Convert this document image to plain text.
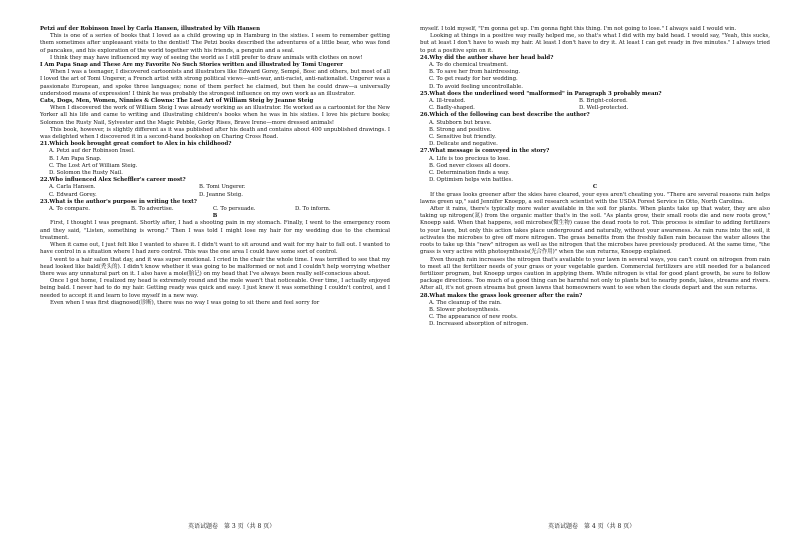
Petzi auf der Robinson Insel by Carla Hansen, illustrated by Vilh Hansen

This is one of a series of books that I loved as a child growing up in Hamburg in the sixties. I seem to remember getting them sometimes after unpleasant visits to the dentist! The Petzi books described the adventures of a little bear, who was fond of pancakes, and his exploration of the world together with his friends, a penguin and a seal.

I think they may have influenced my way of seeing the world as I still prefer to draw animals with clothes on now!

I Am Papa Snap and These Are my Favorite No Such Stories written and illustrated by Tomi Ungerer

When I was a teenager, I discovered cartoonists and illustrators like Edward Gorey, Sempé, Bosc and others, but most of all I loved the art of Tomi Ungerer, a French artist with strong political views—anti-war, anti-racist, anti-nationalist. Ungerer was a passionate European, and spoke three languages; none of them perfect he claimed, but then he could draw—a universally understood means of expression! I think he was probably the strongest influence on my own work as an illustrator.

Cats, Dogs, Men, Women, Ninnies & Clowns: The Lost Art of William Steig by Jeanne Steig

When I discovered the work of William Steig I was already working as an illustrator. He worked as a cartoonist for the New Yorker all his life and came to writing and illustrating children's books when he was in his sixties. I love his picture books; Solomon the Rusty Nail, Sylvester and the Magic Pebble, Gorky Rises, Brave Irene—more dressed animals!

This book, however, is slightly different as it was published after his death and contains about 400 unpublished drawings. I was delighted when I discovered it in a second-hand bookshop on Charing Cross Road.

21.Which book brought great comfort to Alex in his childhood?

A. Petzi auf der Robinson Insel.

B. I Am Papa Snap.

C. The Lost Art of William Steig.

D. Solomon the Rusty Nail.

22.Who influenced Alex Scheffler's career most?

A. Carla Hansen.	B. Tomi Ungerer.
C. Edward Gorey.	D. Jeanne Steig.

23.What is the author's purpose in writing the text?

A. To compare.	B. To advertise.	C. To persuade.	D. To inform.

B

First, I thought I was pregnant. Shortly after, I had a shooting pain in my stomach. Finally, I went to the emergency room and they said, "Listen, something is wrong." Then I was told I might lose my hair for my wedding due to the chemical treatment.

When it came out, I just felt like I wanted to shave it. I didn't want to sit around and wait for my hair to fall out. I wanted to have control in a situation where I had zero control. This was the one area I could have some sort of control.

I went to a hair salon that day, and it was super emotional. I cried in the chair the whole time. I was terrified to see that my head looked like bald(秃头的). I didn't know whether it was going to be malformed or not and I couldn't help worrying whether there was any unnatural part on it. I also have a mole(胎记) on my head that I've always been really self-conscious about.

Once I got home, I realized my head is extremely round and the mole wasn't that noticeable. Over time, I actually enjoyed being bald. I never had to do my hair. Getting ready was quick and easy. I just knew it was something I couldn't control, and I needed to accept it and learn to love myself in a new way.

Even when I was first diagnosed(诊断), there was no way I was going to sit there and feel sorry for

myself. I told myself, "I'm gonna get up. I'm gonna fight this thing. I'm not going to lose." I always said I would win.

Looking at things in a positive way really helped me, so that's what I did with my bald head. I would say, "Yeah, this sucks, but at least I don't have to wash my hair. At least I don't have to dry it. At least I can get ready in five minutes." I always tried to put a positive spin on it.

24.Why did the author shave her head bald?

A. To do chemical treatment.

B. To save her from hairdressing.

C. To get ready for her wedding.

D. To avoid feeling uncontrollable.

25.What does the underlined word "malformed" in Paragraph 3 probably mean?

A. Ill-treated.	B. Bright-colored.
C. Badly-shaped.	D. Well-protected.

26.Which of the following can best describe the author?

A. Stubborn but brave.

B. Strong and positive.

C. Sensitive but friendly.

D. Delicate and negative.

27.What message is conveyed in the story?

A. Life is too precious to lose.

B. God never closes all doors.

C. Determination finds a way.

D. Optimism helps win battles.

C

If the grass looks greener after the skies have cleared, your eyes aren't cheating you. "There are several reasons rain helps lawns green up," said Jennifer Knoepp, a soil research scientist with the USDA Forest Service in Otto, North Carolina.

After it rains, there's typically more water available in the soil for plants. When plants take up that water, they are also taking up nitrogen(氮) from the organic matter that's in the soil. "As plants grow, their small roots die and new roots grow," Knoepp said. When that happens, soil microbes(微生物) cause the dead roots to rot. This process is similar to adding fertilizers to your lawn, but only this action takes place underground and naturally, without your awareness. As rain runs into the soil, it activates the microbes to give off more nitrogen. The grass benefits from the freshly fallen rain because the water allows the roots to take up this "new" nitrogen as well as the nitrogen that the microbes have previously produced. At the same time, "the grass is very active with photosynthesis(光合作用)" when the sun returns, Knoepp explained.

Even though rain increases the nitrogen that's available to your lawn in several ways, you can't count on nitrogen from rain to meet all the fertilizer needs of your grass or your vegetable garden. Commercial fertilizers are still needed for a balanced fertilizer program, but Knoepp urges caution in applying them. While nitrogen is vital for good plant growth, be sure to follow package directions. Too much of a good thing can be harmful not only to plants but to nearby ponds, lakes, streams and rivers. After all, it's not green streams but green lawns that homeowners want to see when the clouds depart and the sun returns.

28.What makes the grass look greener after the rain?

A. The cleanup of the rain.

B. Slower photosynthesis.

C. The appearance of new roots.

D. Increased absorption of nitrogen.

英语试题卷　第 3 页（共 8 页）	英语试题卷　第 4 页（共 8 页）
